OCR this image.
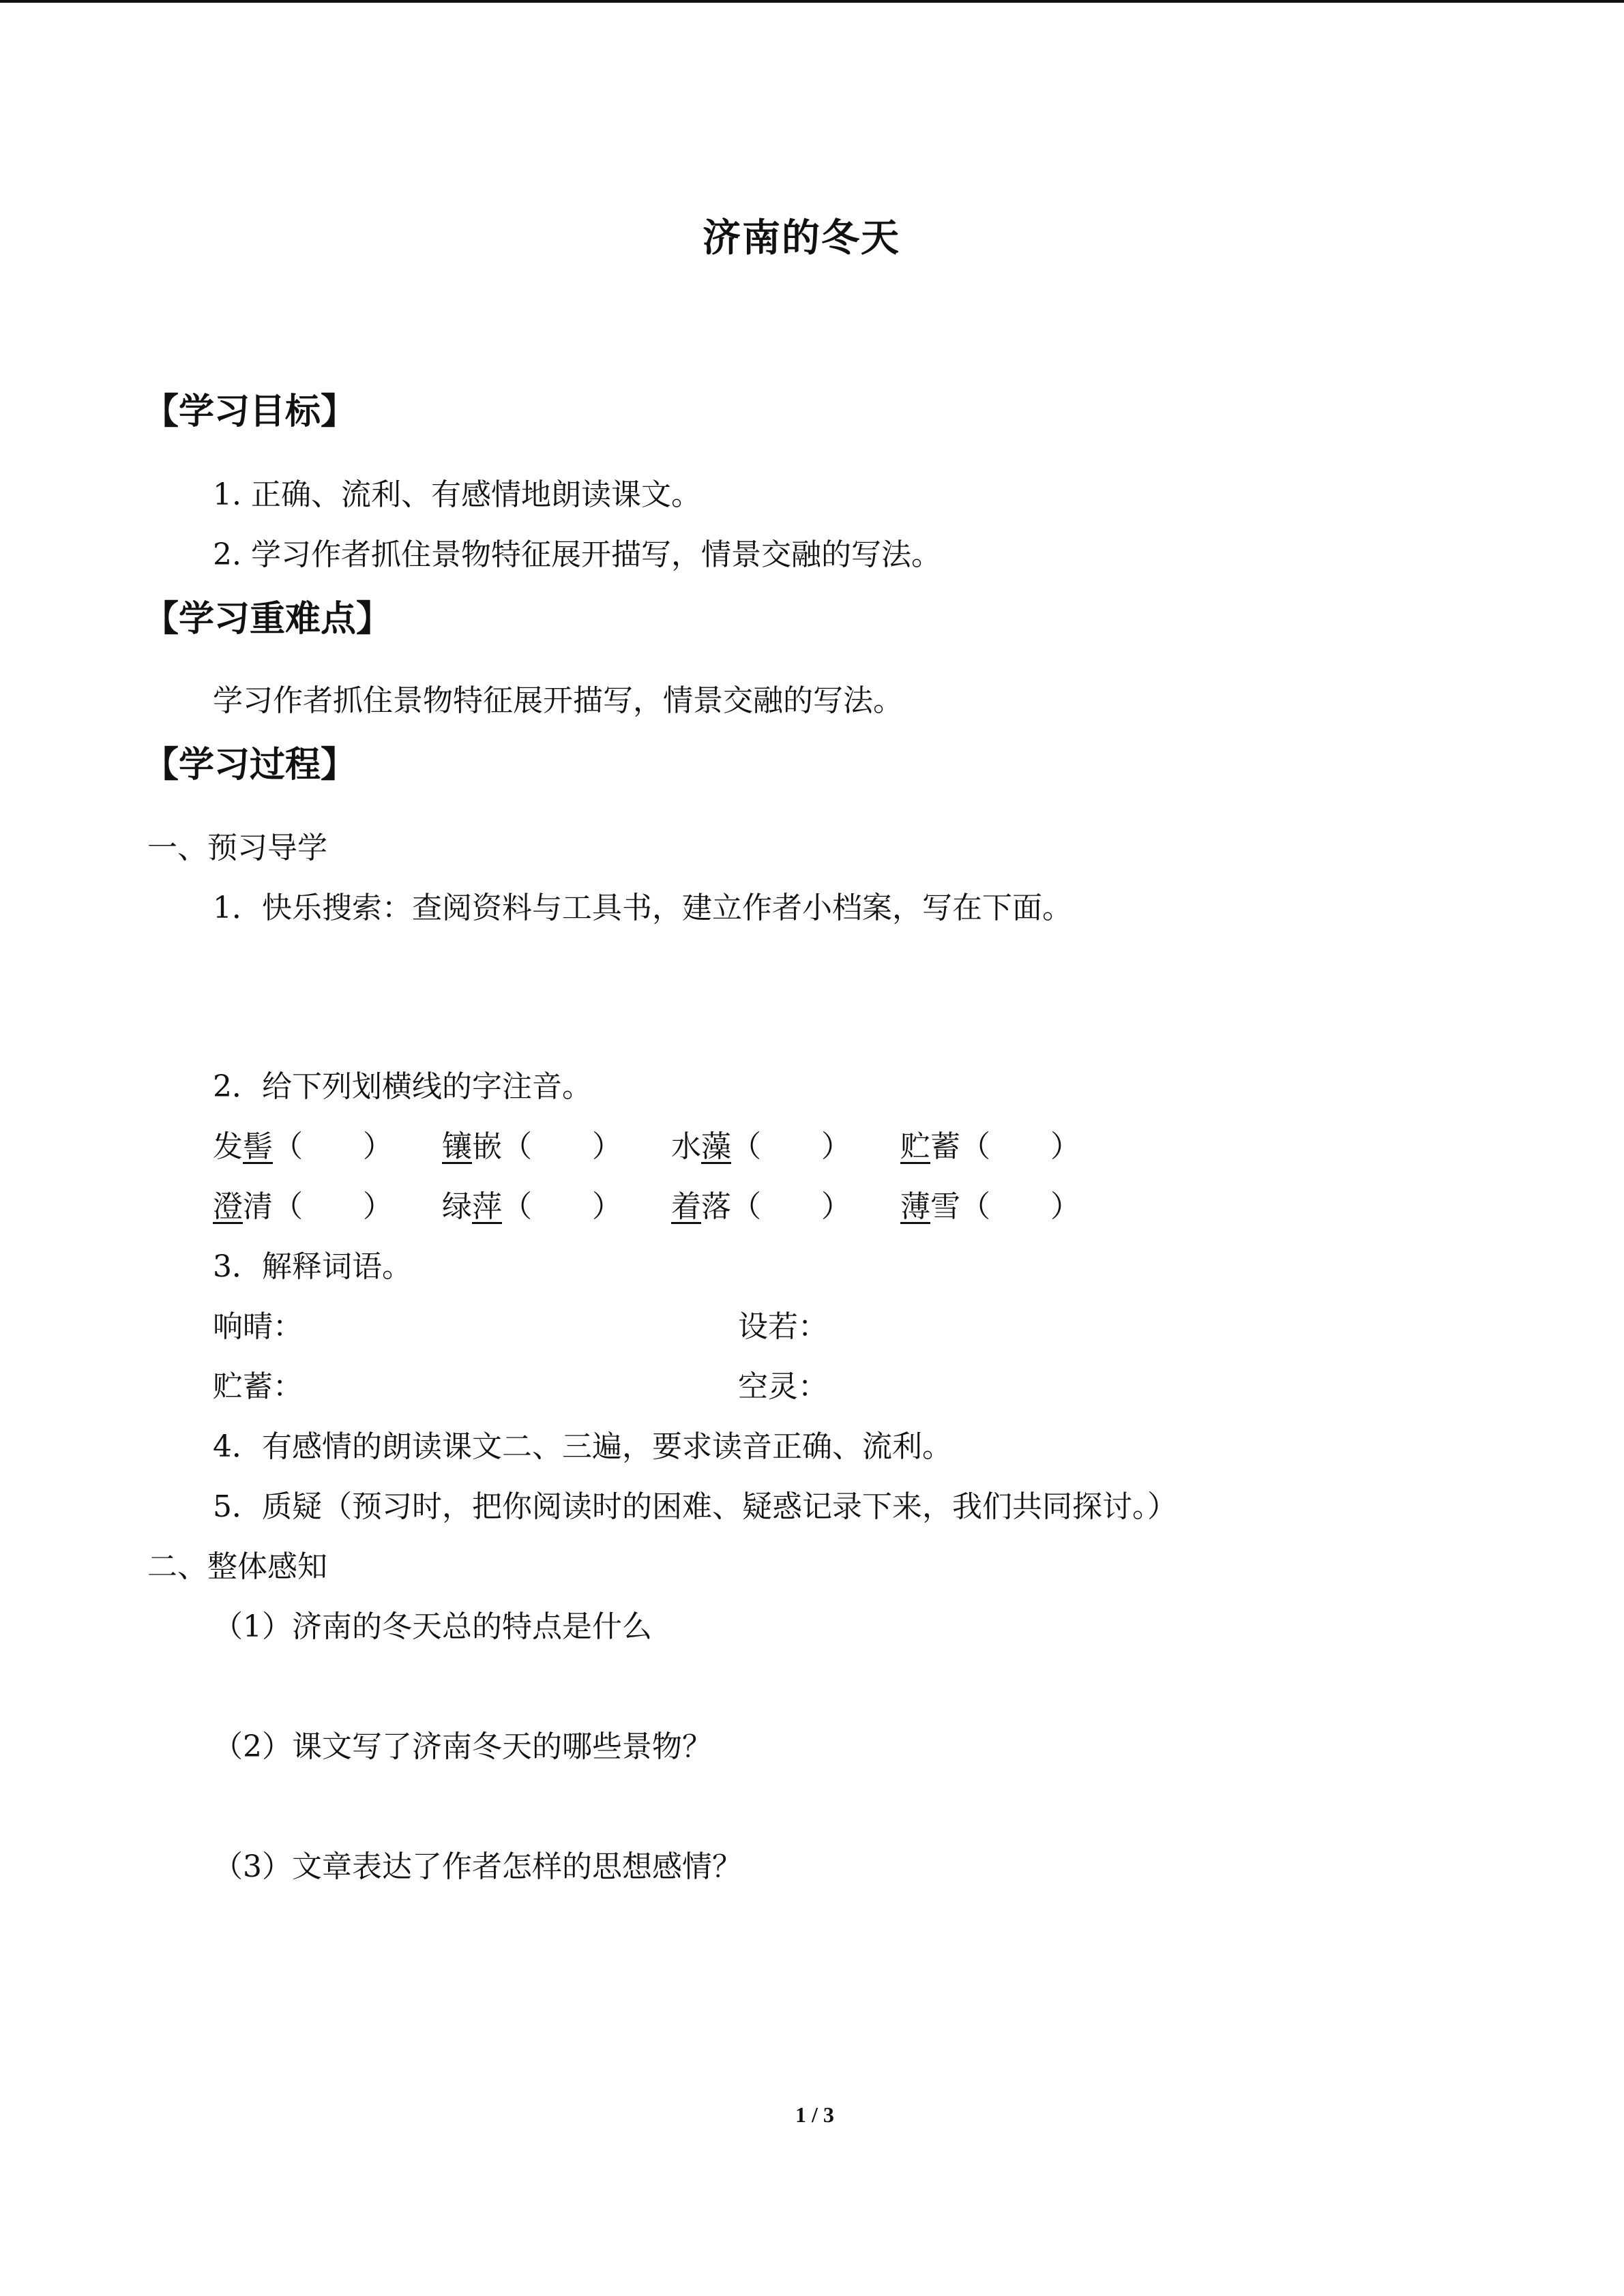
济南的冬天
【学习目标】
1. 正确、流利、有感情地朗读课文。
2. 学习作者抓住景物特征展开描写，情景交融的写法。
【学习重难点】
学习作者抓住景物特征展开描写，情景交融的写法。
【学习过程】
一、预习导学
1．快乐搜索：查阅资料与工具书，建立作者小档案，写在下面。
2．给下列划横线的字注音。
发髻（　　） 镶嵌（　　） 水藻（　　） 贮蓄（　　）
澄清（　　） 绿萍（　　） 着落（　　） 薄雪（　　）
3．解释词语。
响晴：	设若：
贮蓄：	空灵：
4．有感情的朗读课文二、三遍，要求读音正确、流利。
5．质疑（预习时，把你阅读时的困难、疑惑记录下来，我们共同探讨。）
二、整体感知
（1）济南的冬天总的特点是什么
（2）课文写了济南冬天的哪些景物？
（3）文章表达了作者怎样的思想感情？
1 / 3
